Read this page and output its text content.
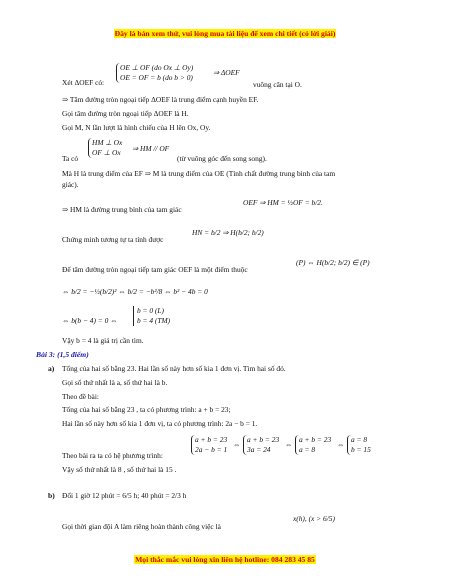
Đây là bản xem thử, vui lòng mua tài liệu để xem chi tiết (có lời giải)
Xét ΔOEF có:
OE ⊥ OF (do Ox ⊥ Oy)
OE = OF = b (do b > 0)
⇒ ΔOEF
vuông cân tại O.
⇒ Tâm đường tròn ngoại tiếp ΔOEF là trung điểm cạnh huyền EF.
Gọi tâm đường tròn ngoại tiếp ΔOEF là H.
Gọi M, N lần lượt là hình chiếu của H lên Ox, Oy.
Ta có
HM ⊥ Ox
OF ⊥ Ox ⇒ HM // OF
(từ vuông góc đến song song).
Mà H là trung điểm của EF ⇒ M là trung điểm của OE (Tính chất đường trung bình của tam
giác).
⇒ HM là đường trung bình của tam giác
OEF ⇒ HM = ½OF = b/2.
Chứng minh tương tự ta tính được
HN = b/2 ⇒ H(b/2; b/2)
Để tâm đường tròn ngoại tiếp tam giác OEF là một điểm thuộc
(P) ⇔ H(b/2; b/2) ∈ (P)
⇔ b/2 = −½(b/2)² ⇔ b/2 = −b²/8 ⇔ b² − 4b = 0
⇔ b(b − 4) = 0 ⇔
b = 0 (L)
b = 4 (TM)
Vậy b = 4 là giá trị cần tìm.
Bài 3: (1,5 điểm)
a) Tổng của hai số bằng 23. Hai lần số này hơn số kia 1 đơn vị. Tìm hai số đó.
Gọi số thứ nhất là a, số thứ hai là b.
Theo đề bài:
Tổng của hai số bằng 23 , ta có phương trình: a + b = 23;
Hai lần số này hơn số kia 1 đơn vị, ta có phương trình: 2a − b = 1.
Theo bài ra ta có hệ phương trình:
a + b = 23
2a − b = 1
⇔
a + b = 23
3a = 24
⇔
a + b = 23
a = 8
⇔
a = 8
b = 15
Vậy số thứ nhất là 8 , số thứ hai là 15 .
b) Đổi 1 giờ 12 phút = 6/5 h; 40 phút = 2/3 h
Gọi thời gian đội A làm riêng hoàn thành công việc là
x(h), (x > 6/5)
Mọi thắc mắc vui lòng xin liên hệ hotline: 084 283 45 85
